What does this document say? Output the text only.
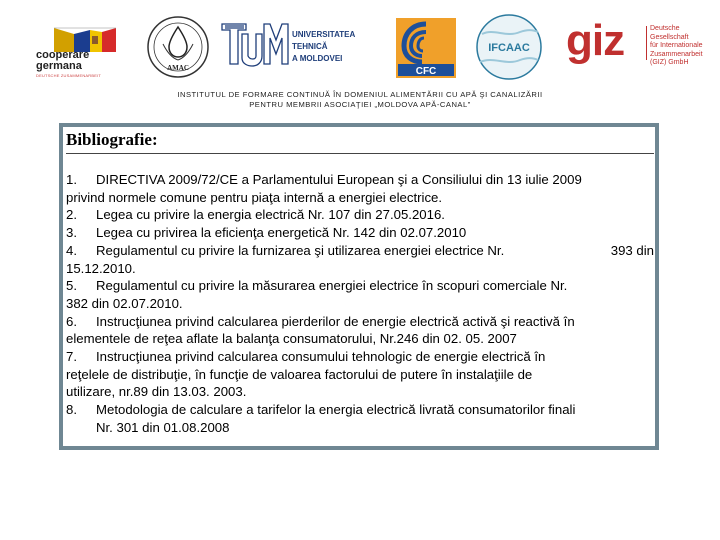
cooperare germana
DEUTSCHE ZUSAMMENARBEIT
AMAC
UNIVERSITATEA TEHNICĂ
A MOLDOVEI
CFC
IFCAAC giz	Deutsche Gesellschaft
für Internationale
Zusammenarbeit (GIZ) GmbH
INSTITUTUL DE FORMARE CONTINUĂ ÎN DOMENIUL ALIMENTĂRII CU APĂ ŞI CANALIZĂRII
PENTRU MEMBRII ASOCIAŢIEI „MOLDOVA APĂ-CANAL”
Bibliografie:
1. DIRECTIVA 2009/72/CE a Parlamentului European şi a Consiliului din 13 iulie 2009
privind normele comune pentru piaţa internă a energiei electrice.
2. Legea cu privire la energia electrică Nr. 107 din 27.05.2016.
3. Legea cu privirea la eficienţa energetică Nr. 142 din 02.07.2010
4. Regulamentul cu privire la furnizarea şi utilizarea energiei electrice Nr.	393 din
15.12.2010.
5. Regulamentul cu privire la măsurarea energiei electrice în scopuri comerciale Nr.
382 din 02.07.2010.
6. Instrucţiunea privind calcularea pierderilor de energie electrică activă şi reactivă în
elementele de reţea aflate la balanţa consumatorului, Nr.246 din 02. 05. 2007
7. Instrucţiunea privind calcularea consumului tehnologic de energie electrică în
reţelele de distribuţie, în funcţie de valoarea factorului de putere în instalaţiile de
utilizare, nr.89 din 13.03. 2003.
8. Metodologia de calculare a tarifelor la energia electrică livrată consumatorilor finali
Nr. 301 din 01.08.2008
